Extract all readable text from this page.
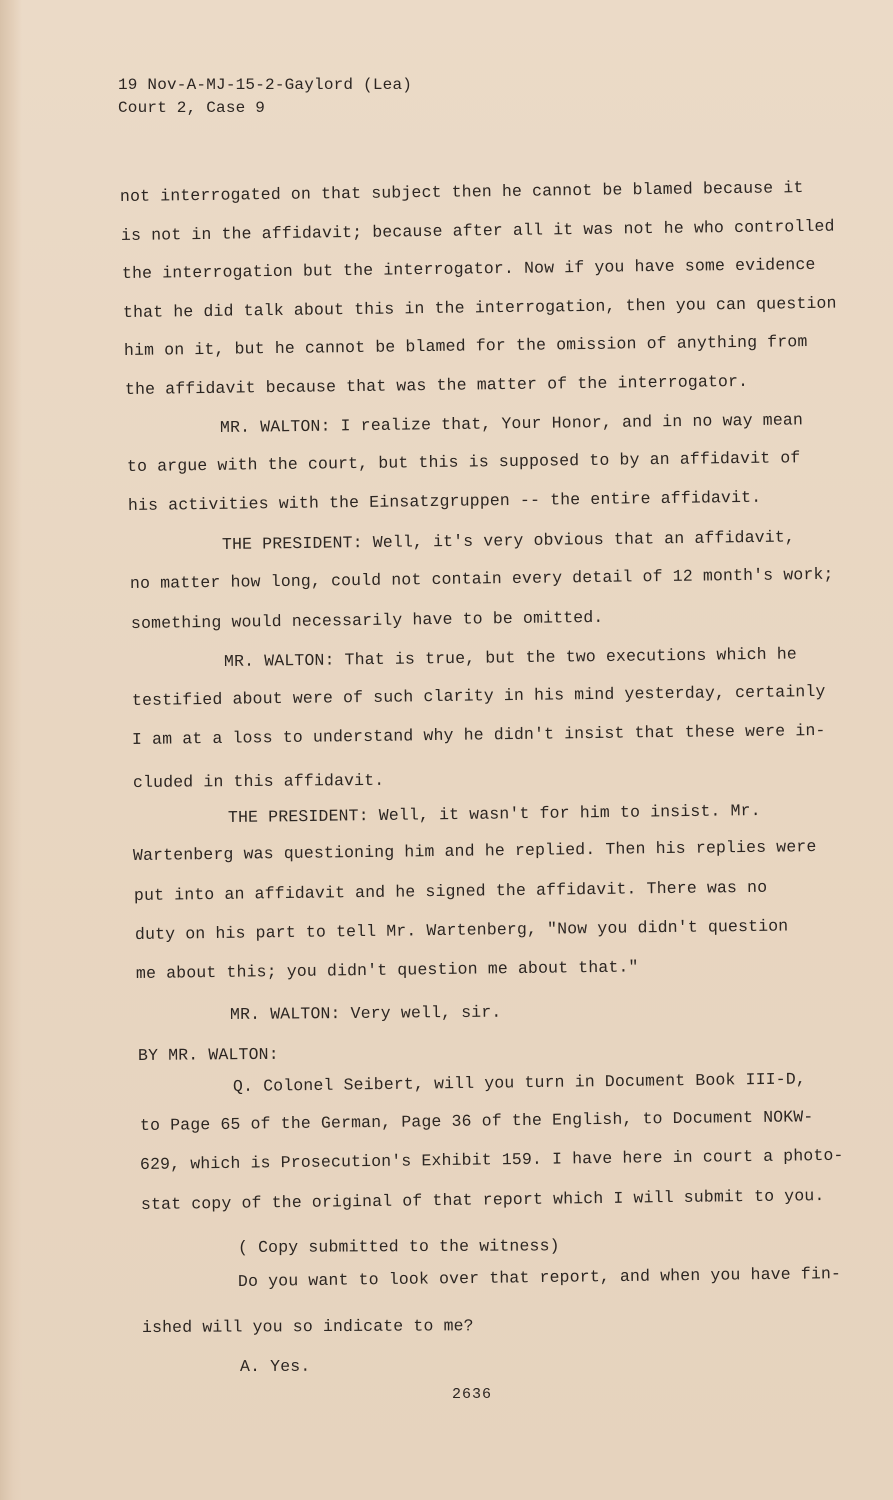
19 Nov-A-MJ-15-2-Gaylord (Lea)
Court 2, Case 9
not interrogated on that subject then he cannot be blamed because it
is not in the affidavit; because after all it was not he who controlled
the interrogation but the interrogator. Now if you have some evidence
that he did talk about this in the interrogation, then you can question
him on it, but he cannot be blamed for the omission of anything from
the affidavit because that was the matter of the interrogator.
MR. WALTON: I realize that, Your Honor, and in no way mean
to argue with the court, but this is supposed to by an affidavit of
his activities with the Einsatzgruppen -- the entire affidavit.
THE PRESIDENT: Well, it's very obvious that an affidavit,
no matter how long, could not contain every detail of 12 month's work;
something would necessarily have to be omitted.
MR. WALTON: That is true, but the two executions which he
testified about were of such clarity in his mind yesterday, certainly
I am at a loss to understand why he didn't insist that these were in-
cluded in this affidavit.
THE PRESIDENT: Well, it wasn't for him to insist. Mr.
Wartenberg was questioning him and he replied. Then his replies were
put into an affidavit and he signed the affidavit. There was no
duty on his part to tell Mr. Wartenberg, "Now you didn't question
me about this; you didn't question me about that."
MR. WALTON: Very well, sir.
BY MR. WALTON:
Q. Colonel Seibert, will you turn in Document Book III-D,
to Page 65 of the German, Page 36 of the English, to Document NOKW-
629, which is Prosecution's Exhibit 159. I have here in court a photo-
stat copy of the original of that report which I will submit to you.
( Copy submitted to the witness)
Do you want to look over that report, and when you have fin-
ished will you so indicate to me?
A. Yes.
2636
